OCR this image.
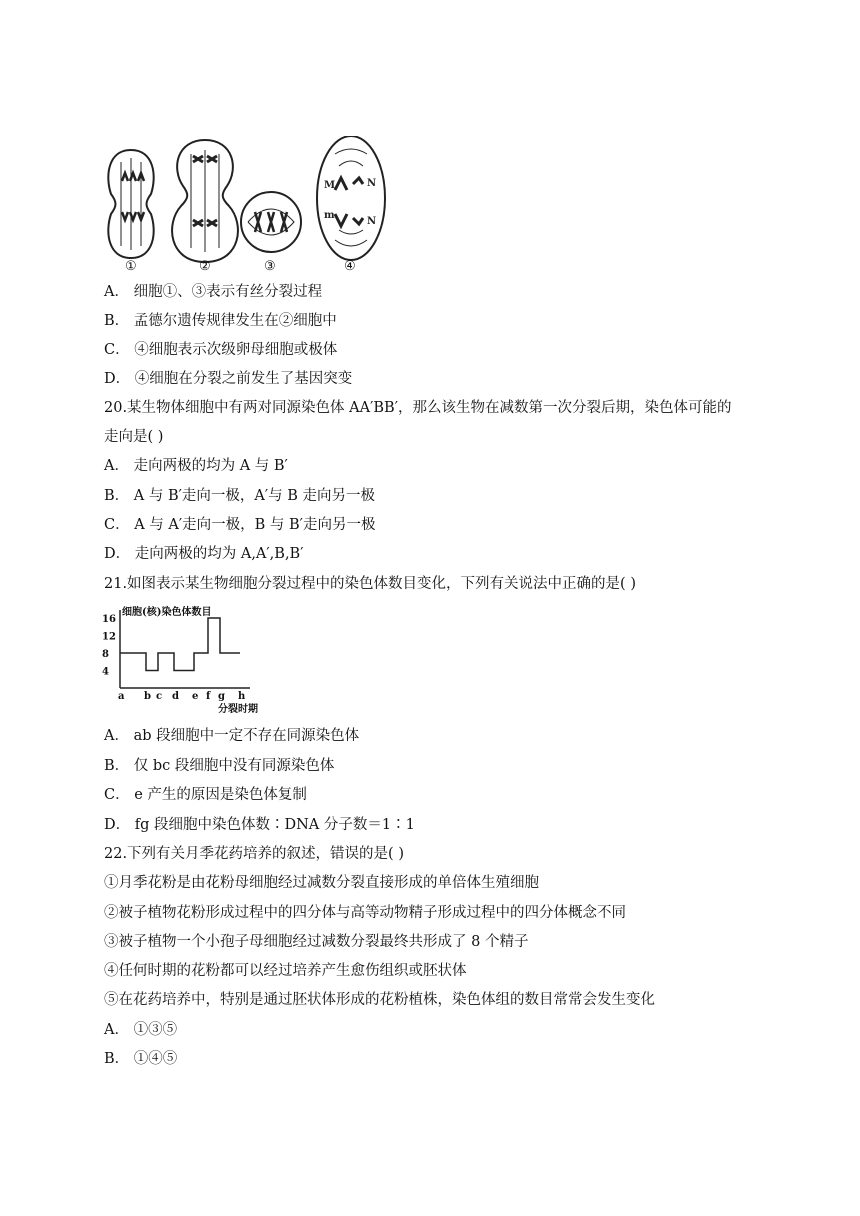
M	N
m
N
①	②	③	④
A． 细胞①、③表示有丝分裂过程
B． 孟德尔遗传规律发生在②细胞中
C． ④细胞表示次级卵母细胞或极体
D． ④细胞在分裂之前发生了基因突变
20.某生物体细胞中有两对同源染色体 AA′BB′，那么该生物在减数第一次分裂后期，染色体可能的
走向是( )
A． 走向两极的均为 A 与 B′
B． A 与 B′走向一极，A′与 B 走向另一极
C． A 与 A′走向一极，B 与 B′走向另一极
D． 走向两极的均为 A,A′,B,B′
21.如图表示某生物细胞分裂过程中的染色体数目变化，下列有关说法中正确的是( )
细胞(核)染色体数目
16
12
8
4
a b c d e f g h
分裂时期
A． ab 段细胞中一定不存在同源染色体
B． 仅 bc 段细胞中没有同源染色体
C． e 产生的原因是染色体复制
D． fg 段细胞中染色体数∶DNA 分子数＝1∶1
22.下列有关月季花药培养的叙述，错误的是( )
①月季花粉是由花粉母细胞经过减数分裂直接形成的单倍体生殖细胞
②被子植物花粉形成过程中的四分体与高等动物精子形成过程中的四分体概念不同
③被子植物一个小孢子母细胞经过减数分裂最终共形成了 8 个精子
④任何时期的花粉都可以经过培养产生愈伤组织或胚状体
⑤在花药培养中，特别是通过胚状体形成的花粉植株，染色体组的数目常常会发生变化
A． ①③⑤
B． ①④⑤
